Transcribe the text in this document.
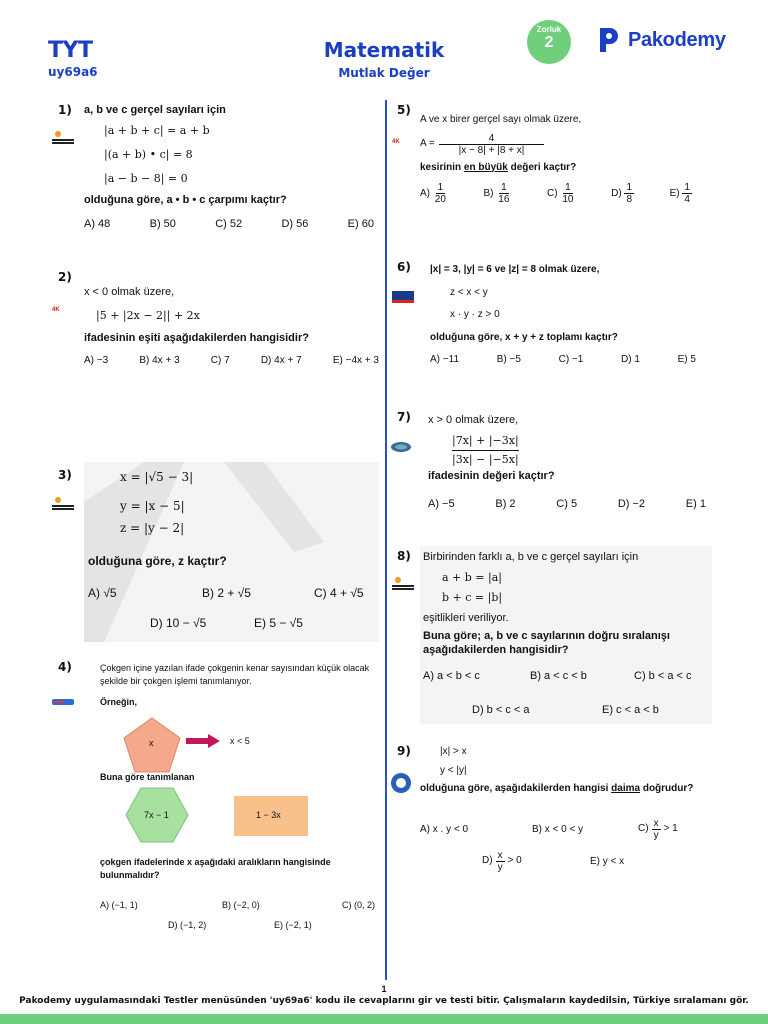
TYT
uy69a6
Matematik
Mutlak Değer
Zorluk
2	Pakodemy
1) a, b ve c gerçel sayıları için
|a + b + c| = a + b
|(a + b) • c| = 8
|a − b − 8| = 0
olduğuna göre, a • b • c çarpımı kaçtır?
A) 48	B) 50	C) 52	D) 56	E) 60
2)
4K
x < 0 olmak üzere,
|5 + |2x − 2|| + 2x
ifadesinin eşiti aşağıdakilerden hangisidir?
A) −3	B) 4x + 3	C) 7	D) 4x + 7	E) −4x + 3
3)	x = |√5 − 3|
y = |x − 5|
z = |y − 2|
olduğuna göre, z kaçtır?
A) √5	B) 2 + √5	C) 4 + √5
D) 10 − √5	E) 5 − √5
4)	Çokgen içine yazılan ifade çokgenin kenar sayısından küçük olacak şekilde bir çokgen işlemi tanımlanıyor.
Örneğin,
x	x < 5
Buna göre tanımlanan
7x − 1	1 − 3x
çokgen ifadelerinde x aşağıdaki aralıkların hangisinde bulunmalıdır?
A) (−1, 1)	B) (−2, 0)	C) (0, 2)
D) (−1, 2)	E) (−2, 1)
5)
4K
A ve x birer gerçel sayı olmak üzere,
$A = \frac{4}{|x - 8| + |8 + x|}$
kesirinin en büyük değeri kaçtır?
$A) \frac{1}{20}$	$B) \frac{1}{16}$	$C) \frac{1}{10}$	$D) \frac{1}{8}$	$E) \frac{1}{4}$
6) |x| = 3, |y| = 6 ve |z| = 8 olmak üzere,
z < x < y
x · y · z > 0
olduğuna göre, x + y + z toplamı kaçtır?
A) −11	B) −5	C) −1	D) 1	E) 5
7) x > 0 olmak üzere,
$\frac{|7x| + |-3x|}{|3x| - |-5x|}$
ifadesinin değeri kaçtır?
A) −5	B) 2	C) 5	D) −2	E) 1
8) Birbirinden farklı a, b ve c gerçel sayıları için
a + b = |a|
b + c = |b|
eşitlikleri veriliyor.
Buna göre; a, b ve c sayılarının doğru sıralanışı aşağıdakilerden hangisidir?
A) a < b < c	B) a < c < b	C) b < a < c
D) b < c < a	E) c < a < b
9)	|x| > x
y < |y|
olduğuna göre, aşağıdakilerden hangisi daima doğrudur?
A) x . y < 0	B) x < 0 < y	$C) \frac{x}{y} > 1$
$D) \frac{x}{y} > 0$	E) y < x
1
Pakodemy uygulamasındaki Testler menüsünden 'uy69a6' kodu ile cevaplarını gir ve testi bitir. Çalışmaların kaydedilsin, Türkiye sıralamanı gör.
